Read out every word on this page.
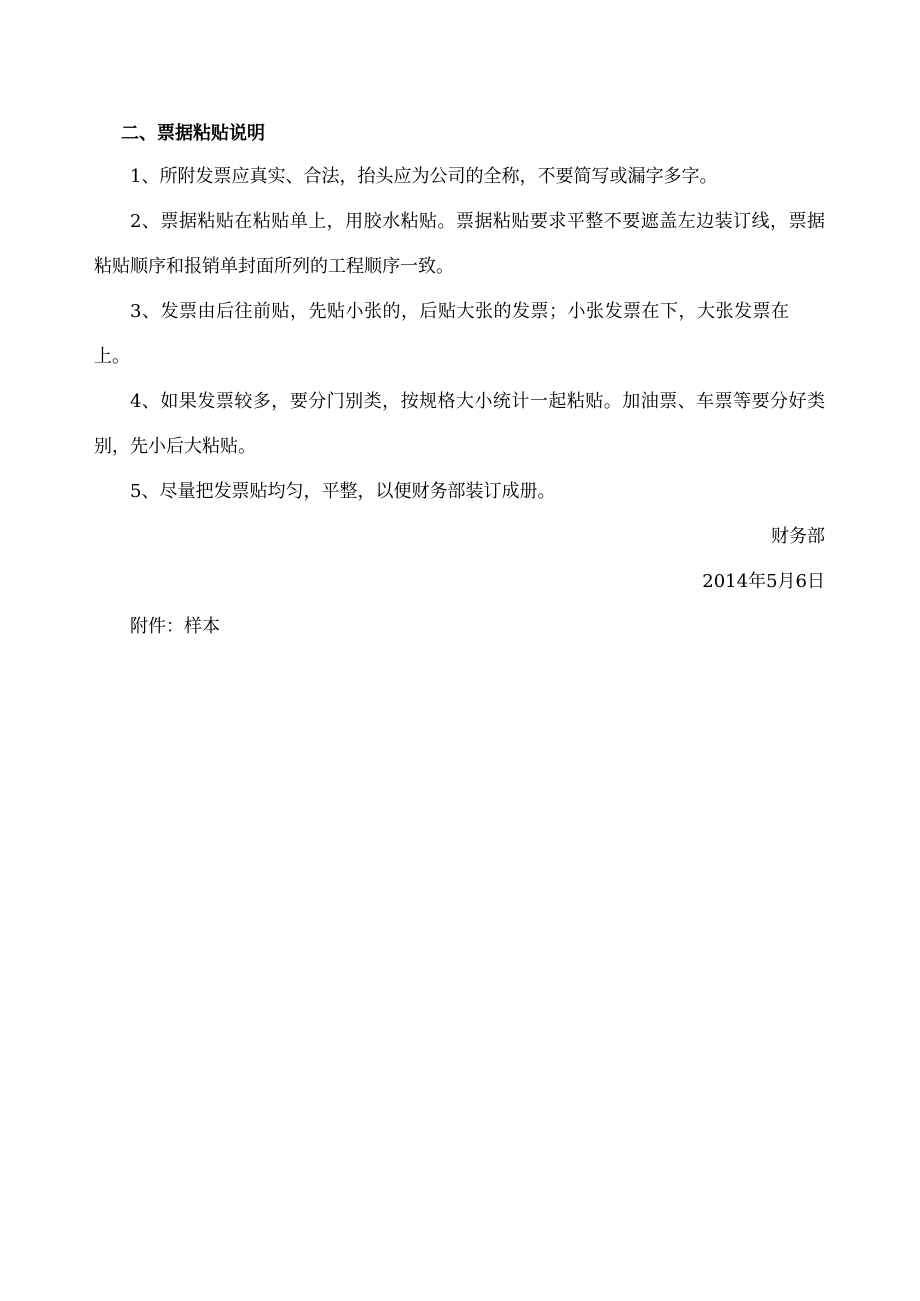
二、票据粘贴说明

1、所附发票应真实、合法，抬头应为公司的全称，不要简写或漏字多字。

2、票据粘贴在粘贴单上，用胶水粘贴。票据粘贴要求平整不要遮盖左边装订线，票据粘贴顺序和报销单封面所列的工程顺序一致。

3、发票由后往前贴，先贴小张的，后贴大张的发票；小张发票在下，大张发票在上。

4、如果发票较多，要分门别类，按规格大小统计一起粘贴。加油票、车票等要分好类别，先小后大粘贴。

5、尽量把发票贴均匀，平整，以便财务部装订成册。

财务部

2014年5月6日

附件：样本
